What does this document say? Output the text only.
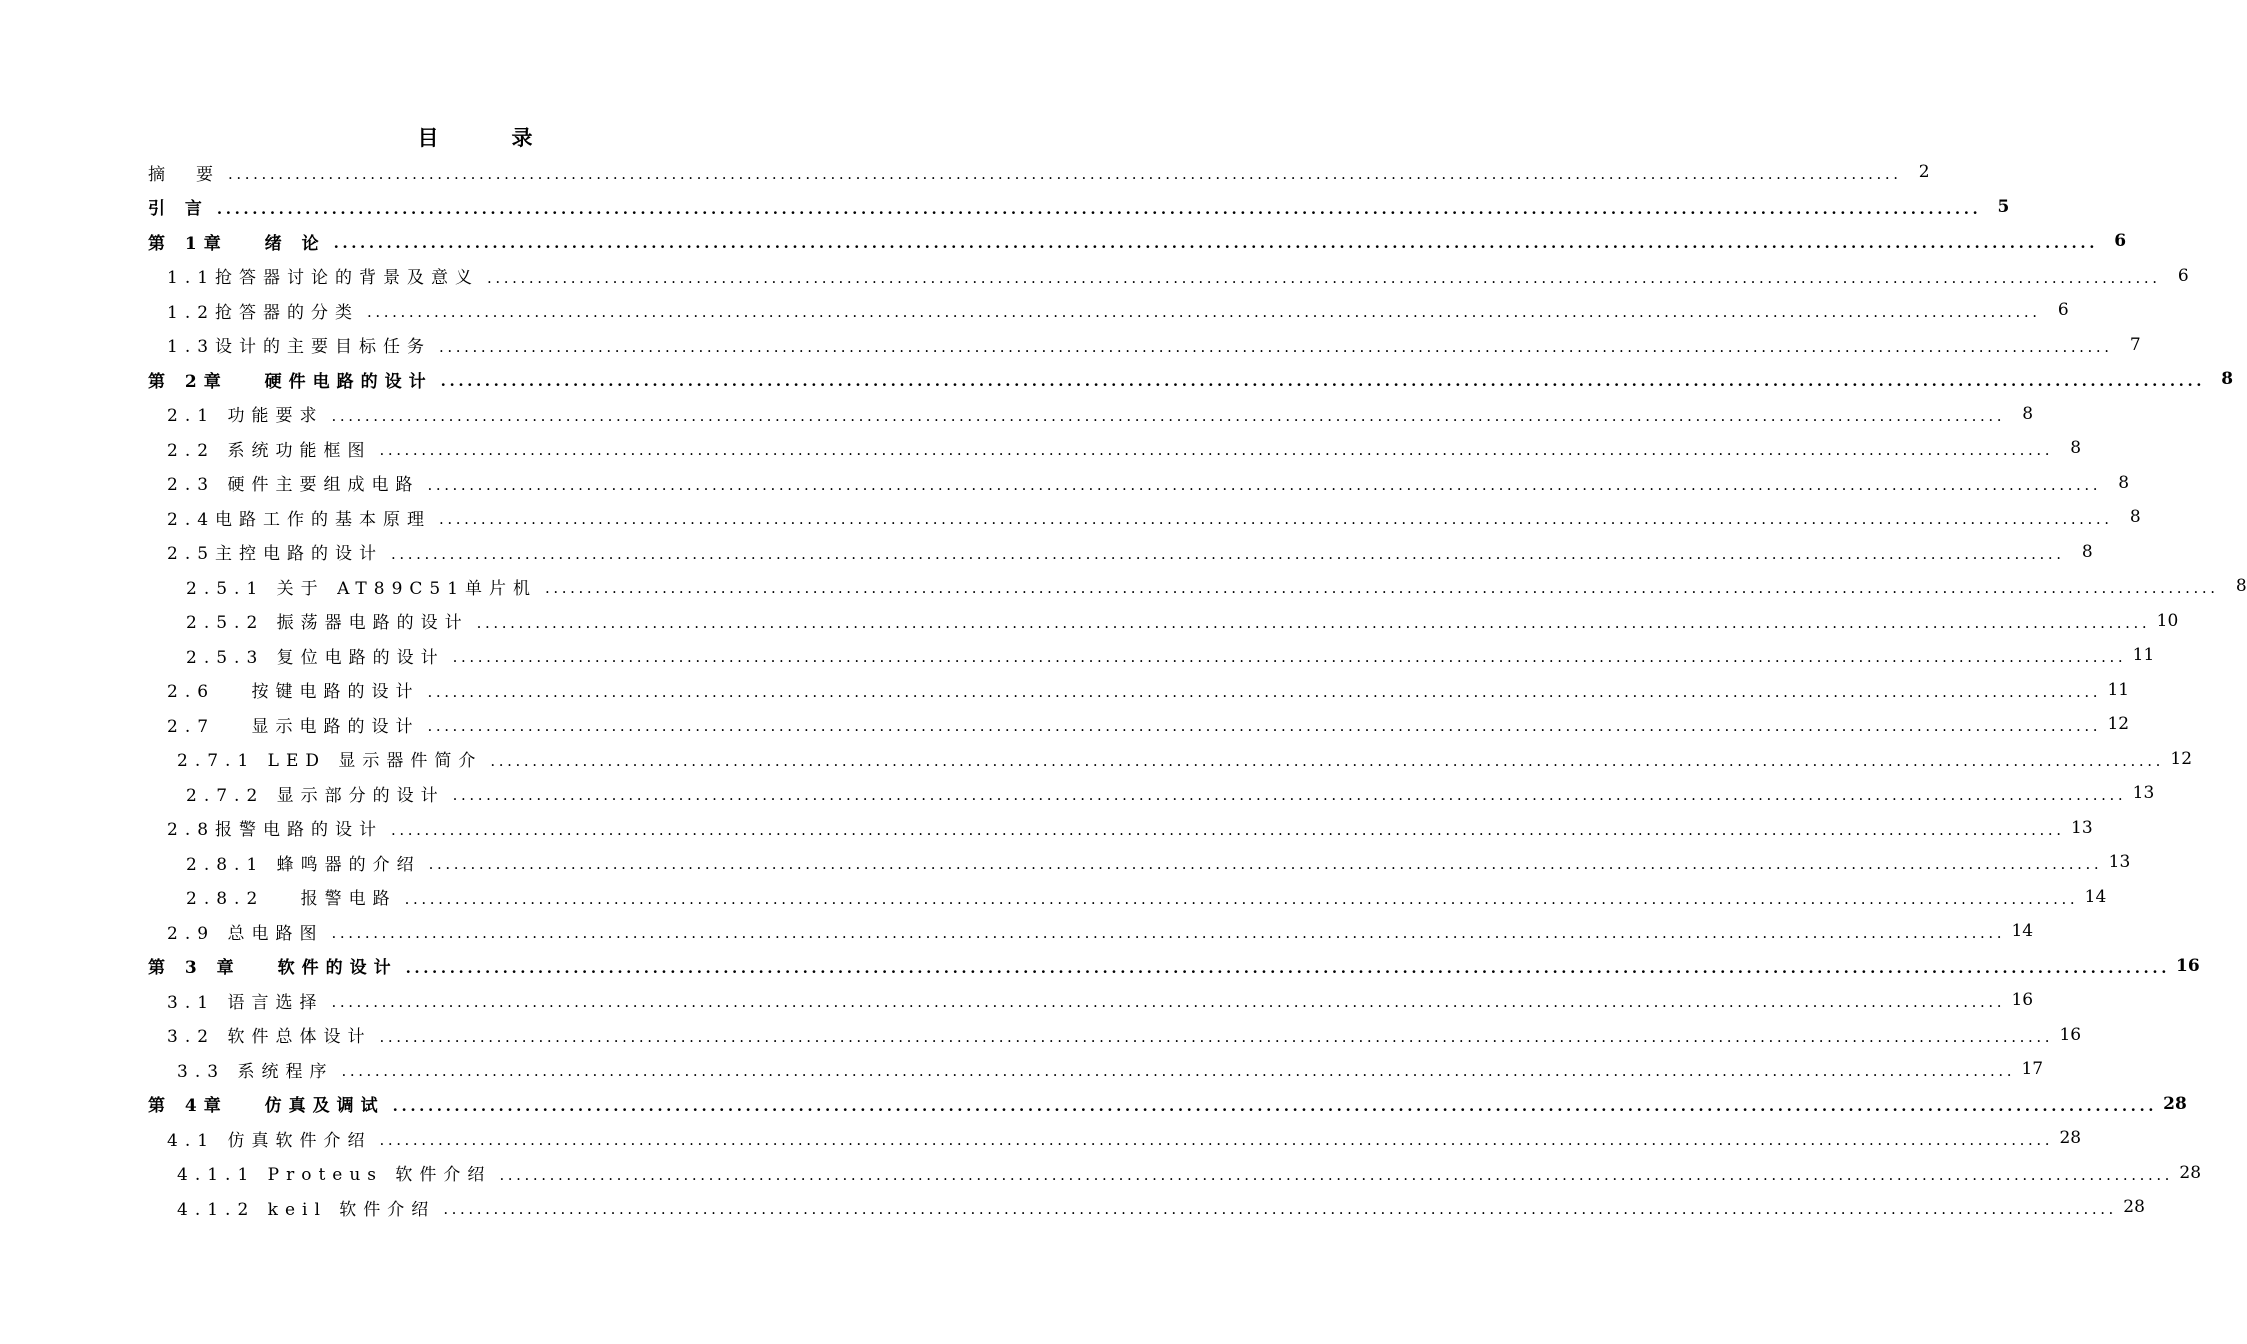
目　录
摘　要 ........................................................................................................................................................................................................	2
引 言 ........................................................................................................................................................................................................ 5
第 1章　 绪 论 ........................................................................................................................................................................................................ 6
1.1抢答器讨论的背景及意义 ........................................................................................................................................................................................................	6
1.2抢答器的分类 ........................................................................................................................................................................................................	6
1.3设计的主要目标任务 ........................................................................................................................................................................................................	7
第 2章　 硬件电路的设计 ........................................................................................................................................................................................................ 8
2.1 功能要求 ........................................................................................................................................................................................................	8
2.2 系统功能框图 ........................................................................................................................................................................................................	8
2.3 硬件主要组成电路 ........................................................................................................................................................................................................	8
2.4电路工作的基本原理 ........................................................................................................................................................................................................	8
2.5主控电路的设计 ........................................................................................................................................................................................................	8
2.5.1 关于 AT89C51单片机 ........................................................................................................................................................................................................	8
2.5.2 振荡器电路的设计 ........................................................................................................................................................................................................ 10
2.5.3 复位电路的设计 ........................................................................................................................................................................................................ 11
2.6　 按键电路的设计 ........................................................................................................................................................................................................ 11
2.7　 显示电路的设计 ........................................................................................................................................................................................................ 12
2.7.1 LED 显示器件简介 ........................................................................................................................................................................................................ 12
2.7.2 显示部分的设计 ........................................................................................................................................................................................................ 13
2.8报警电路的设计 ........................................................................................................................................................................................................ 13
2.8.1 蜂鸣器的介绍 ........................................................................................................................................................................................................ 13
2.8.2　 报警电路 ........................................................................................................................................................................................................ 14
2.9 总电路图 ........................................................................................................................................................................................................ 14
第 3 章　 软件的设计 ........................................................................................................................................................................................................ 16
3.1 语言选择 ........................................................................................................................................................................................................ 16
3.2 软件总体设计 ........................................................................................................................................................................................................ 16
3.3 系统程序 ........................................................................................................................................................................................................ 17
第 4章　 仿真及调试 ........................................................................................................................................................................................................ 28
4.1 仿真软件介绍 ........................................................................................................................................................................................................ 28
4.1.1 Proteus 软件介绍 ........................................................................................................................................................................................................ 28
4.1.2 keil 软件介绍 ........................................................................................................................................................................................................ 28
